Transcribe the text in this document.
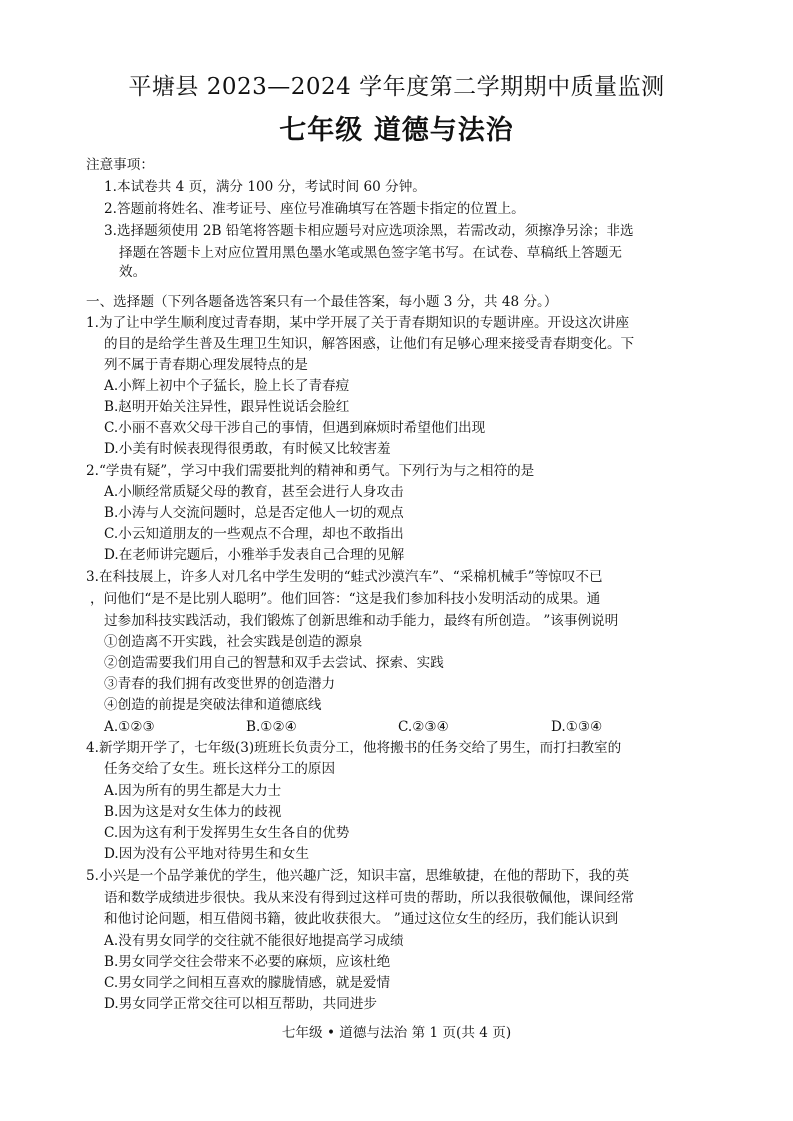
平塘县 2023—2024 学年度第二学期期中质量监测
七年级 道德与法治
注意事项：
1.本试卷共 4 页，满分 100 分，考试时间 60 分钟。
2.答题前将姓名、准考证号、座位号准确填写在答题卡指定的位置上。
3.选择题须使用 2B 铅笔将答题卡相应题号对应选项涂黑，若需改动，须擦净另涂；非选
择题在答题卡上对应位置用黑色墨水笔或黑色签字笔书写。在试卷、草稿纸上答题无
效。
一、选择题（下列各题备选答案只有一个最佳答案，每小题 3 分，共 48 分。）
1.为了让中学生顺利度过青春期，某中学开展了关于青春期知识的专题讲座。开设这次讲座
的目的是给学生普及生理卫生知识，解答困惑，让他们有足够心理来接受青春期变化。下
列不属于青春期心理发展特点的是
A.小辉上初中个子猛长，脸上长了青春痘
B.赵明开始关注异性，跟异性说话会脸红
C.小丽不喜欢父母干涉自己的事情，但遇到麻烦时希望他们出现
D.小美有时候表现得很勇敢，有时候又比较害羞
2.“学贵有疑”，学习中我们需要批判的精神和勇气。下列行为与之相符的是
A.小顺经常质疑父母的教育，甚至会进行人身攻击
B.小涛与人交流问题时，总是否定他人一切的观点
C.小云知道朋友的一些观点不合理，却也不敢指出
D.在老师讲完题后，小雅举手发表自己合理的见解
3.在科技展上，许多人对几名中学生发明的“蛙式沙漠汽车”、“采棉机械手”等惊叹不已
，问他们“是不是比别人聪明”。他们回答：“这是我们参加科技小发明活动的成果。通
过参加科技实践活动，我们锻炼了创新思维和动手能力，最终有所创造。 ”该事例说明
①创造离不开实践，社会实践是创造的源泉
②创造需要我们用自己的智慧和双手去尝试、探索、实践
③青春的我们拥有改变世界的创造潜力
④创造的前提是突破法律和道德底线
A.①②③	B.①②④	C.②③④	D.①③④
4.新学期开学了，七年级(3)班班长负责分工，他将搬书的任务交给了男生，而打扫教室的
任务交给了女生。班长这样分工的原因
A.因为所有的男生都是大力士
B.因为这是对女生体力的歧视
C.因为这有利于发挥男生女生各自的优势
D.因为没有公平地对待男生和女生
5.小兴是一个品学兼优的学生，他兴趣广泛，知识丰富，思维敏捷，在他的帮助下，我的英
语和数学成绩进步很快。我从来没有得到过这样可贵的帮助，所以我很敬佩他，课间经常
和他讨论问题，相互借阅书籍，彼此收获很大。 ”通过这位女生的经历，我们能认识到
A.没有男女同学的交往就不能很好地提高学习成绩
B.男女同学交往会带来不必要的麻烦，应该杜绝
C.男女同学之间相互喜欢的朦胧情感，就是爱情
D.男女同学正常交往可以相互帮助，共同进步
七年级 • 道德与法治 第 1 页(共 4 页)
